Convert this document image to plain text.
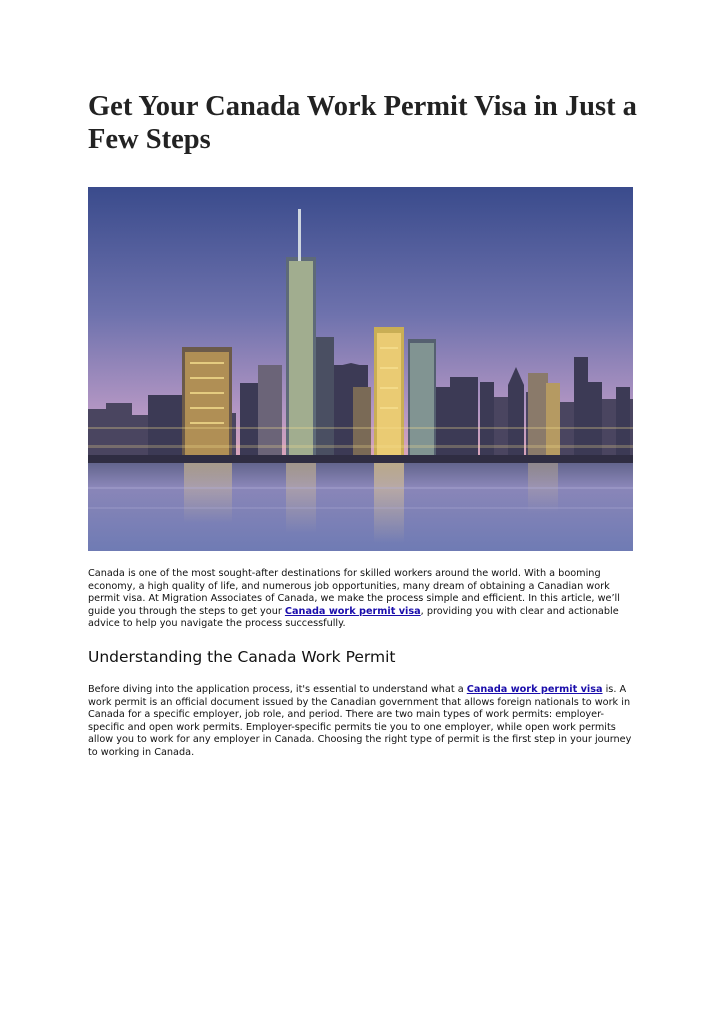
Get Your Canada Work Permit Visa in Just a Few Steps

Canada is one of the most sought-after destinations for skilled workers around the world. With a booming economy, a high quality of life, and numerous job opportunities, many dream of obtaining a Canadian work permit visa. At Migration Associates of Canada, we make the process simple and efficient. In this article, we’ll guide you through the steps to get your Canada work permit visa, providing you with clear and actionable advice to help you navigate the process successfully.

Understanding the Canada Work Permit

Before diving into the application process, it's essential to understand what a Canada work permit visa is. A work permit is an official document issued by the Canadian government that allows foreign nationals to work in Canada for a specific employer, job role, and period. There are two main types of work permits: employer-specific and open work permits. Employer-specific permits tie you to one employer, while open work permits allow you to work for any employer in Canada. Choosing the right type of permit is the first step in your journey to working in Canada.
